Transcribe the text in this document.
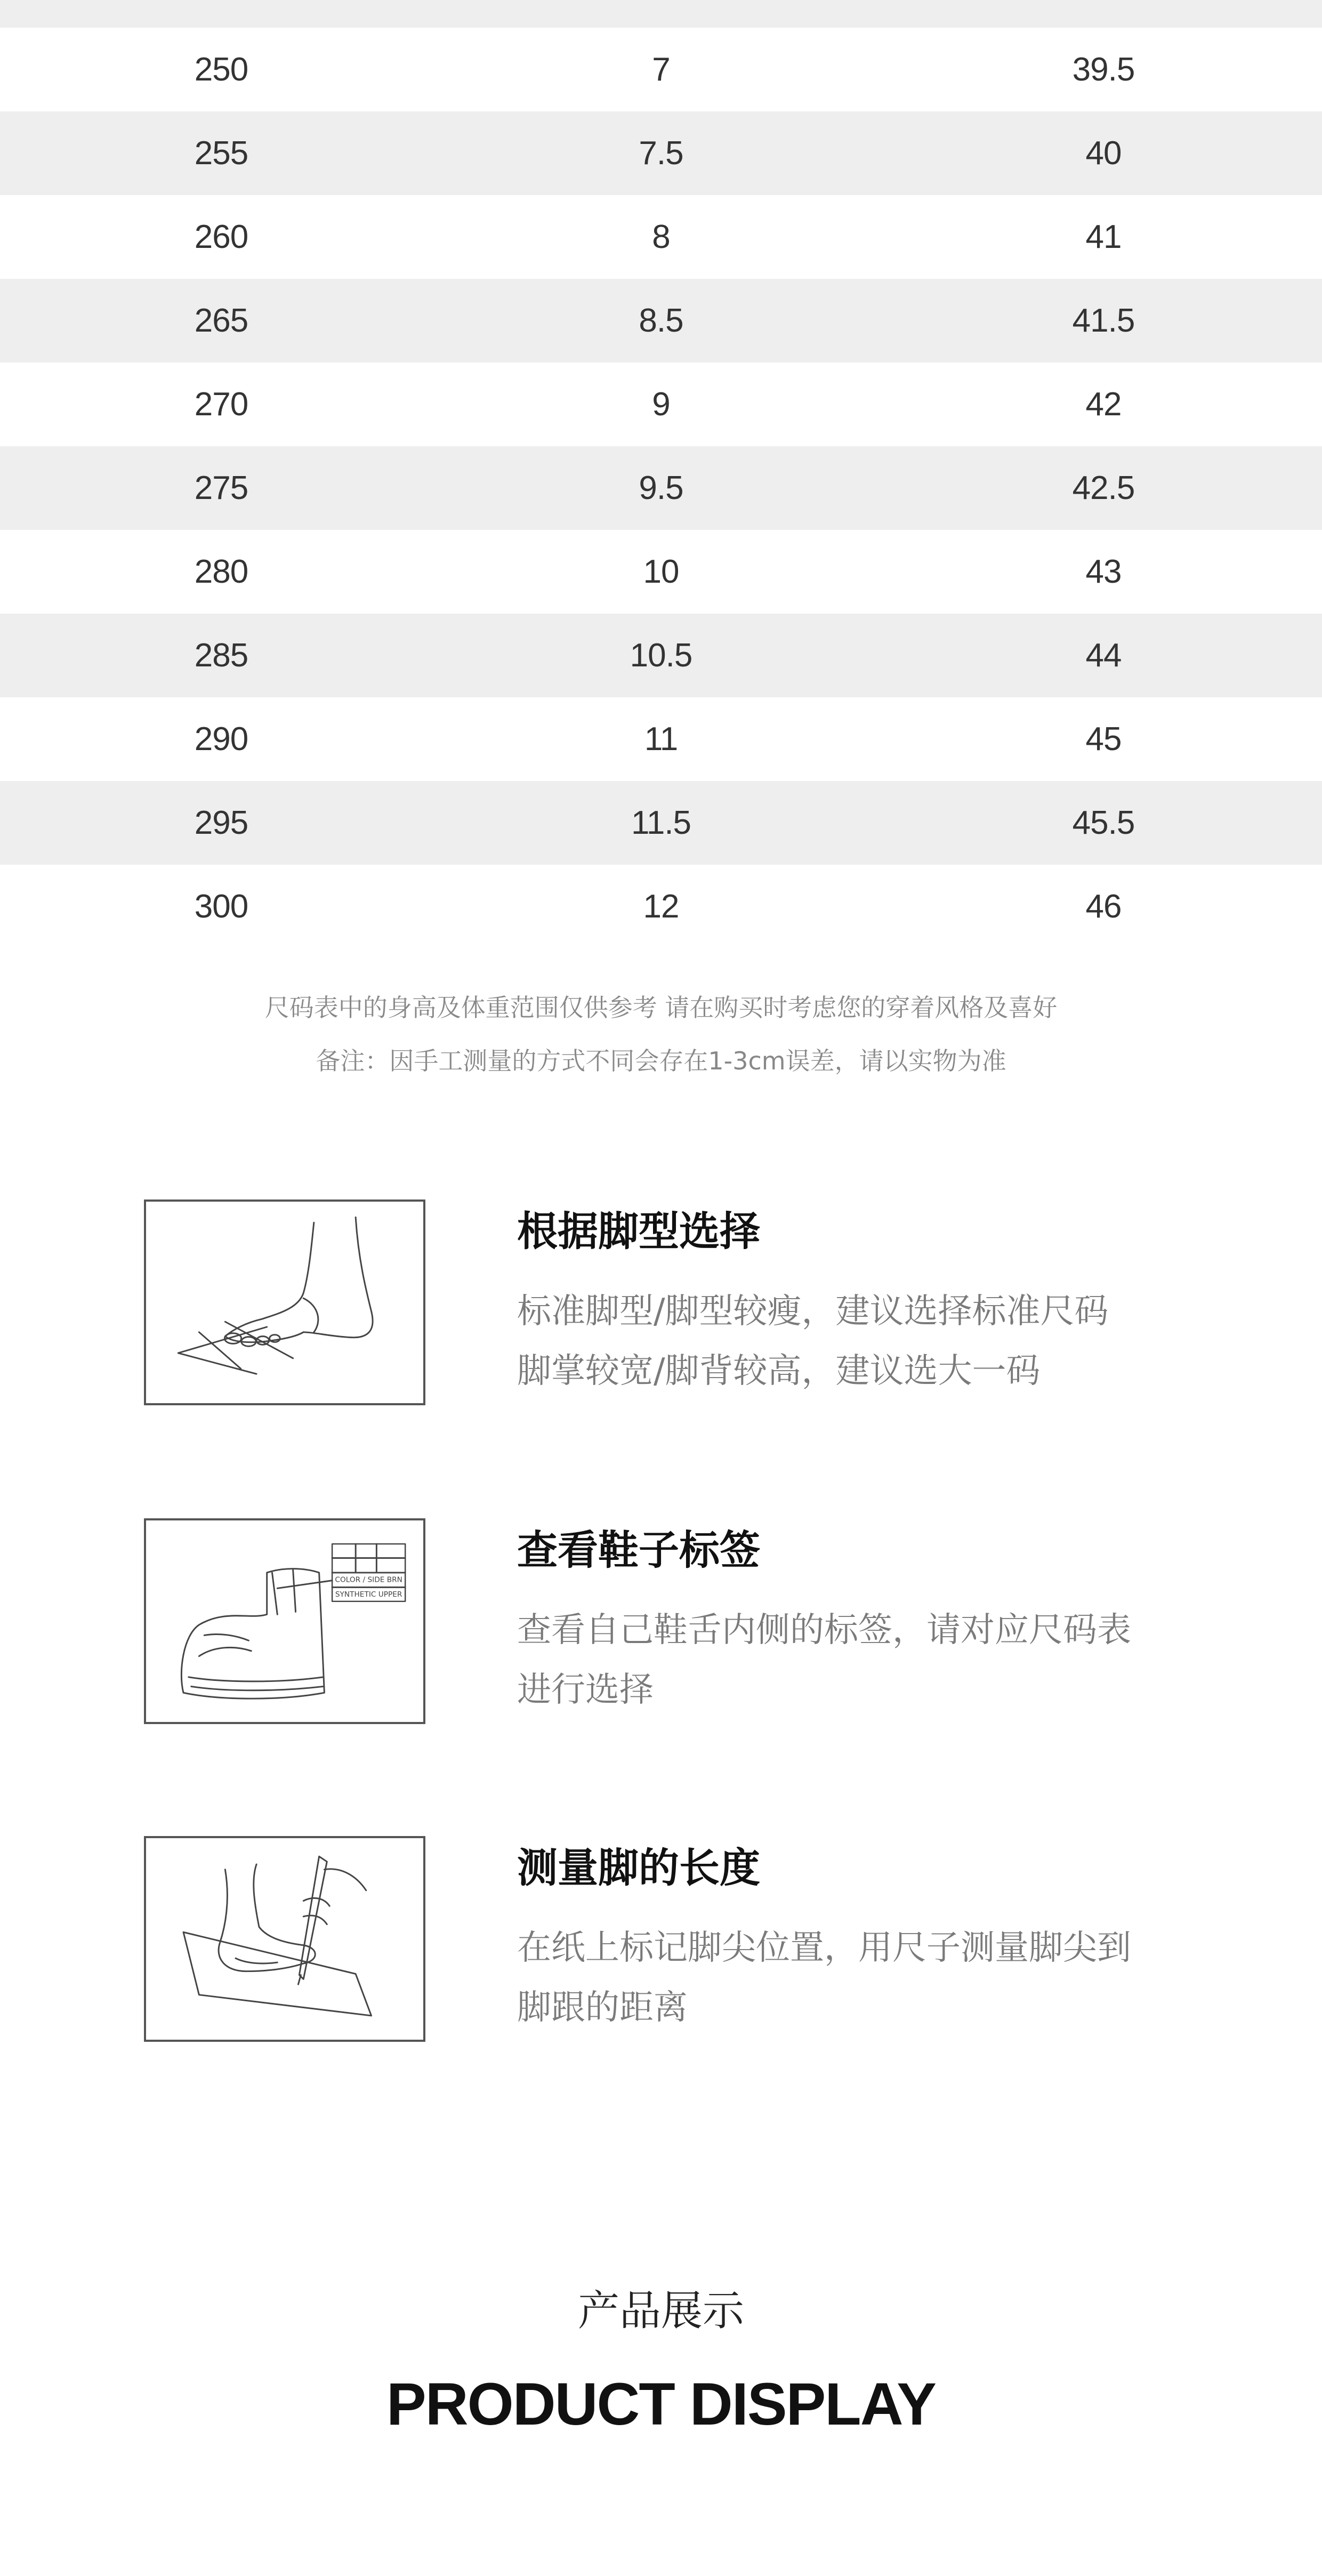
250	7	39.5
255	7.5	40
260	8	41
265	8.5	41.5
270	9	42
275	9.5	42.5
280	10	43
285	10.5	44
290	11	45
295	11.5	45.5
300	12	46
尺码表中的身高及体重范围仅供参考 请在购买时考虑您的穿着风格及喜好
备注：因手工测量的方式不同会存在1-3cm误差，请以实物为准
根据脚型选择
标准脚型/脚型较瘦，建议选择标准尺码
脚掌较宽/脚背较高，建议选大一码
COLOR / SIDE BRN
SYNTHETIC UPPER
查看鞋子标签
查看自己鞋舌内侧的标签，请对应尺码表
进行选择
测量脚的长度
在纸上标记脚尖位置，用尺子测量脚尖到
脚跟的距离
产品展示
PRODUCT DISPLAY
